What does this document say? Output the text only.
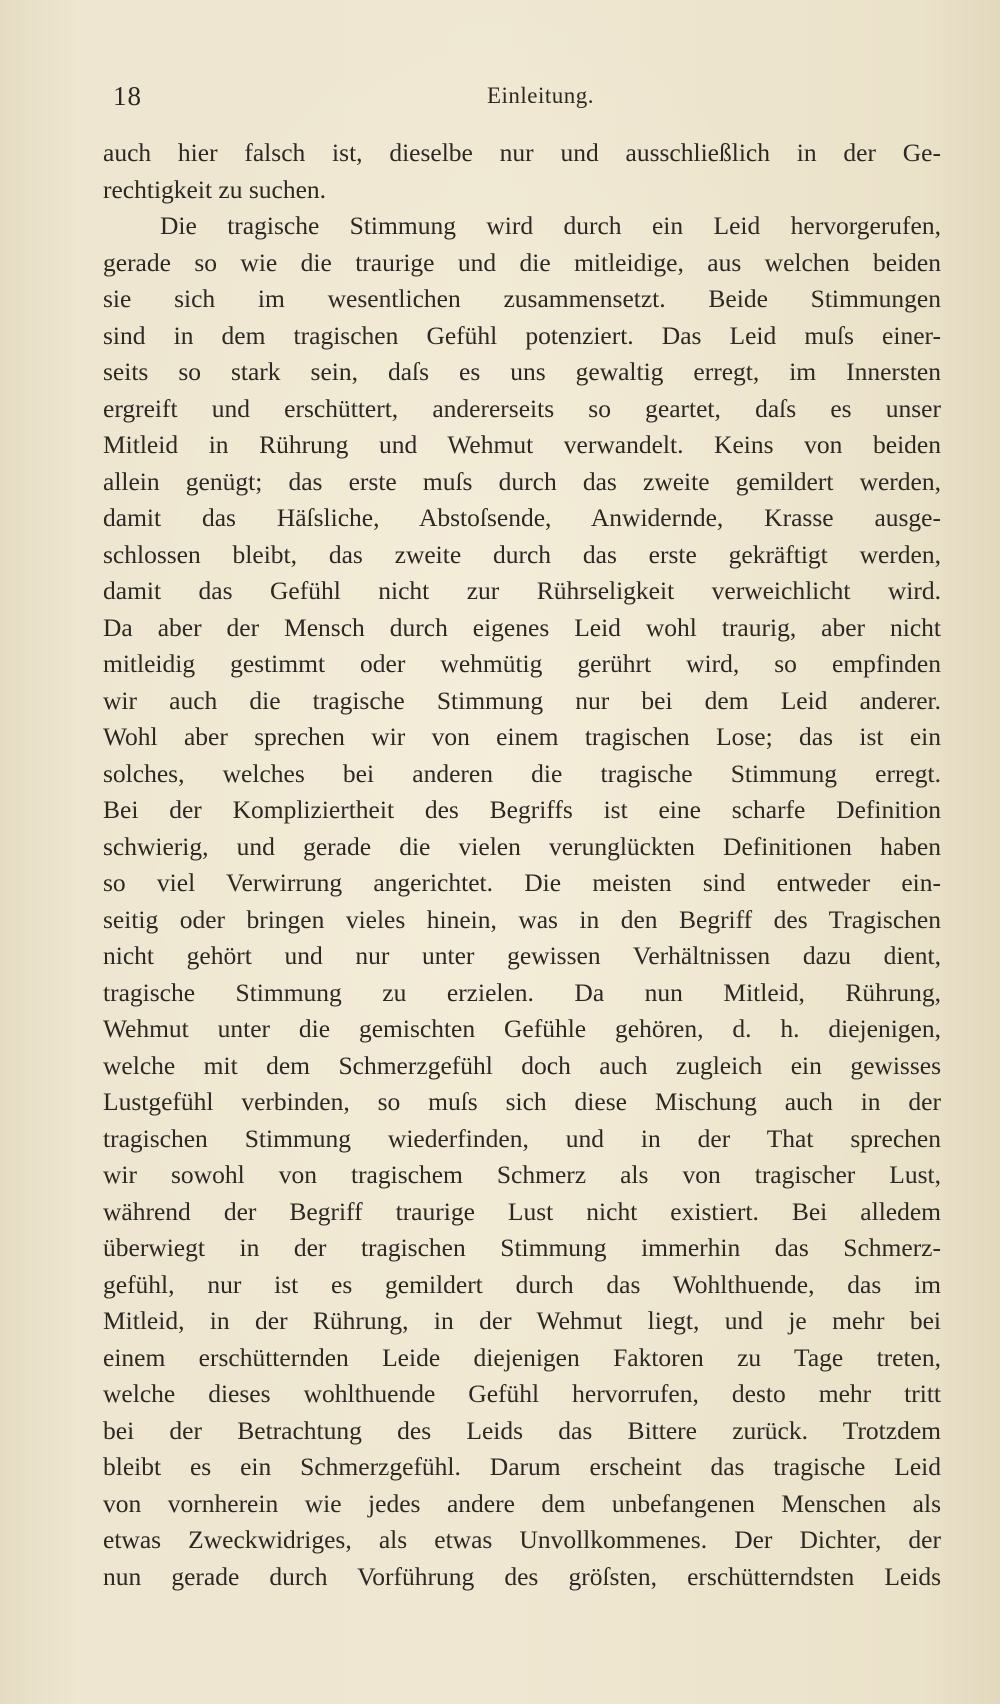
18	Einleitung.
auch hier falsch ist, dieselbe nur und ausschließlich in der Ge-
rechtigkeit zu suchen.
Die tragische Stimmung wird durch ein Leid hervorgerufen,
gerade so wie die traurige und die mitleidige, aus welchen beiden
sie sich im wesentlichen zusammensetzt. Beide Stimmungen
sind in dem tragischen Gefühl potenziert. Das Leid muſs einer-
seits so stark sein, daſs es uns gewaltig erregt, im Innersten
ergreift und erschüttert, andererseits so geartet, daſs es unser
Mitleid in Rührung und Wehmut verwandelt. Keins von beiden
allein genügt; das erste muſs durch das zweite gemildert werden,
damit das Häſsliche, Abstoſsende, Anwidernde, Krasse ausge-
schlossen bleibt, das zweite durch das erste gekräftigt werden,
damit das Gefühl nicht zur Rührseligkeit verweichlicht wird.
Da aber der Mensch durch eigenes Leid wohl traurig, aber nicht
mitleidig gestimmt oder wehmütig gerührt wird, so empfinden
wir auch die tragische Stimmung nur bei dem Leid anderer.
Wohl aber sprechen wir von einem tragischen Lose; das ist ein
solches, welches bei anderen die tragische Stimmung erregt.
Bei der Kompliziertheit des Begriffs ist eine scharfe Definition
schwierig, und gerade die vielen verunglückten Definitionen haben
so viel Verwirrung angerichtet. Die meisten sind entweder ein-
seitig oder bringen vieles hinein, was in den Begriff des Tragischen
nicht gehört und nur unter gewissen Verhältnissen dazu dient,
tragische Stimmung zu erzielen. Da nun Mitleid, Rührung,
Wehmut unter die gemischten Gefühle gehören, d. h. diejenigen,
welche mit dem Schmerzgefühl doch auch zugleich ein gewisses
Lustgefühl verbinden, so muſs sich diese Mischung auch in der
tragischen Stimmung wiederfinden, und in der That sprechen
wir sowohl von tragischem Schmerz als von tragischer Lust,
während der Begriff traurige Lust nicht existiert. Bei alledem
überwiegt in der tragischen Stimmung immerhin das Schmerz-
gefühl, nur ist es gemildert durch das Wohlthuende, das im
Mitleid, in der Rührung, in der Wehmut liegt, und je mehr bei
einem erschütternden Leide diejenigen Faktoren zu Tage treten,
welche dieses wohlthuende Gefühl hervorrufen, desto mehr tritt
bei der Betrachtung des Leids das Bittere zurück. Trotzdem
bleibt es ein Schmerzgefühl. Darum erscheint das tragische Leid
von vornherein wie jedes andere dem unbefangenen Menschen als
etwas Zweckwidriges, als etwas Unvollkommenes. Der Dichter, der
nun gerade durch Vorführung des gröſsten, erschütterndsten Leids
